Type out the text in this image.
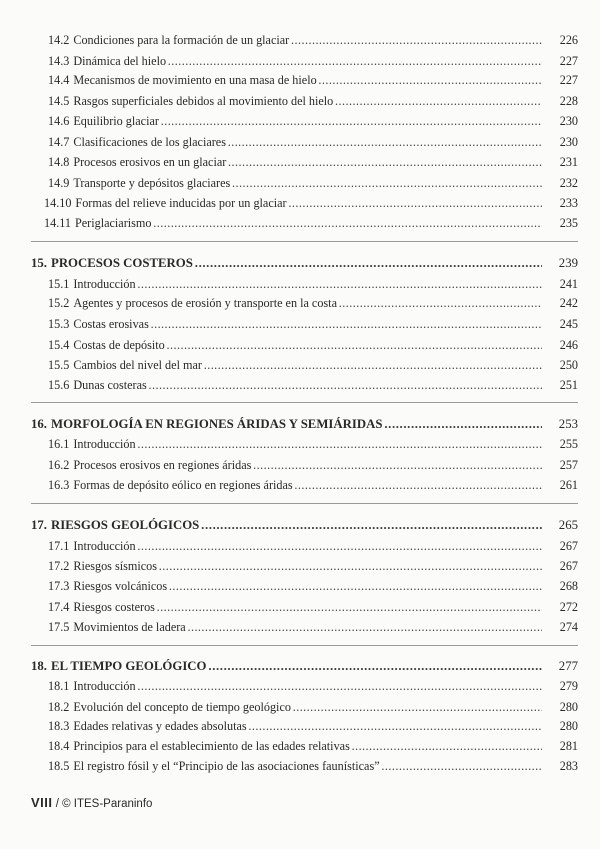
14.2 Condiciones para la formación de un glaciar . . .	226
14.3 Dinámica del hielo . . .	227
14.4 Mecanismos de movimiento en una masa de hielo . . .	227
14.5 Rasgos superficiales debidos al movimiento del hielo . . .	228
14.6 Equilibrio glaciar . . .	230
14.7 Clasificaciones de los glaciares . . .	230
14.8 Procesos erosivos en un glaciar . . .	231
14.9 Transporte y depósitos glaciares . . .	232
14.10 Formas del relieve inducidas por un glaciar . . .	233
14.11 Periglaciarismo . . .	235
15. PROCESOS COSTEROS . . .	239
15.1 Introducción . . .	241
15.2 Agentes y procesos de erosión y transporte en la costa . . .	242
15.3 Costas erosivas . . .	245
15.4 Costas de depósito . . .	246
15.5 Cambios del nivel del mar . . .	250
15.6 Dunas costeras . . .	251
16. MORFOLOGÍA EN REGIONES ÁRIDAS Y SEMIÁRIDAS . . .	253
16.1 Introducción . . .	255
16.2 Procesos erosivos en regiones áridas . . .	257
16.3 Formas de depósito eólico en regiones áridas . . .	261
17. RIESGOS GEOLÓGICOS . . .	265
17.1 Introducción . . .	267
17.2 Riesgos sísmicos . . .	267
17.3 Riesgos volcánicos . . .	268
17.4 Riesgos costeros . . .	272
17.5 Movimientos de ladera . . .	274
18. EL TIEMPO GEOLÓGICO . . .	277
18.1 Introducción . . .	279
18.2 Evolución del concepto de tiempo geológico . . .	280
18.3 Edades relativas y edades absolutas . . .	280
18.4 Principios para el establecimiento de las edades relativas . . .	281
18.5 El registro fósil y el “Principio de las asociaciones faunísticas” . . .	283
VIII / © ITES-Paraninfo
